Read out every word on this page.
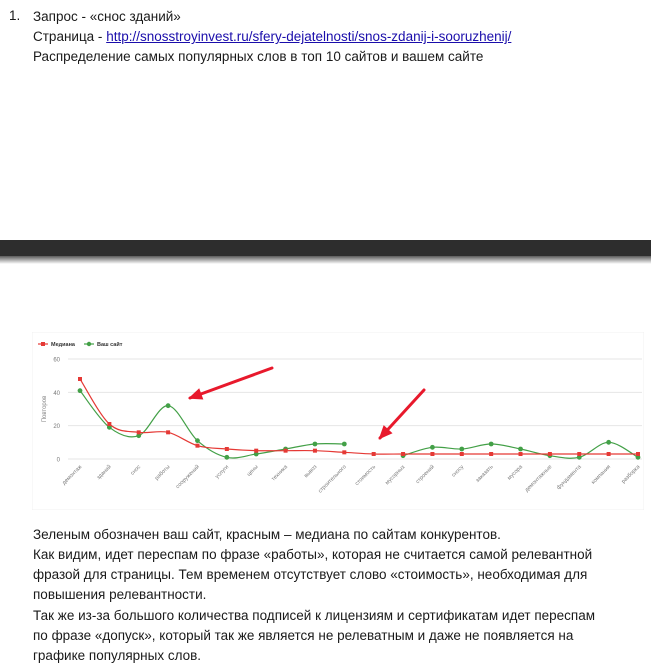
1. Запрос - «снос зданий»
Страница - http://snosstroyinvest.ru/sfery-dejatelnosti/snos-zdanij-i-sooruzhenij/
Распределение самых популярных слов в топ 10 сайтов и вашем сайте
0
20
40
60
Повторов
демонтаж зданий	снос работы сооружений услуги	цены техника	вывоз строительного стоимость мусорных строений	сносу заказать мусора демонтажные фундамента компания разборка
Медиана	Ваш сайт
Зеленым обозначен ваш сайт, красным – медиана по сайтам конкурентов.
Как видим, идет переспам по фразе «работы», которая не считается самой релевантной
фразой для страницы. Тем временем отсутствует слово «стоимость», необходимая для
повышения релевантности.
Так же из-за большого количества подписей к лицензиям и сертификатам идет переспам
по фразе «допуск», который так же является не релеватным и даже не появляется на
графике популярных слов.
